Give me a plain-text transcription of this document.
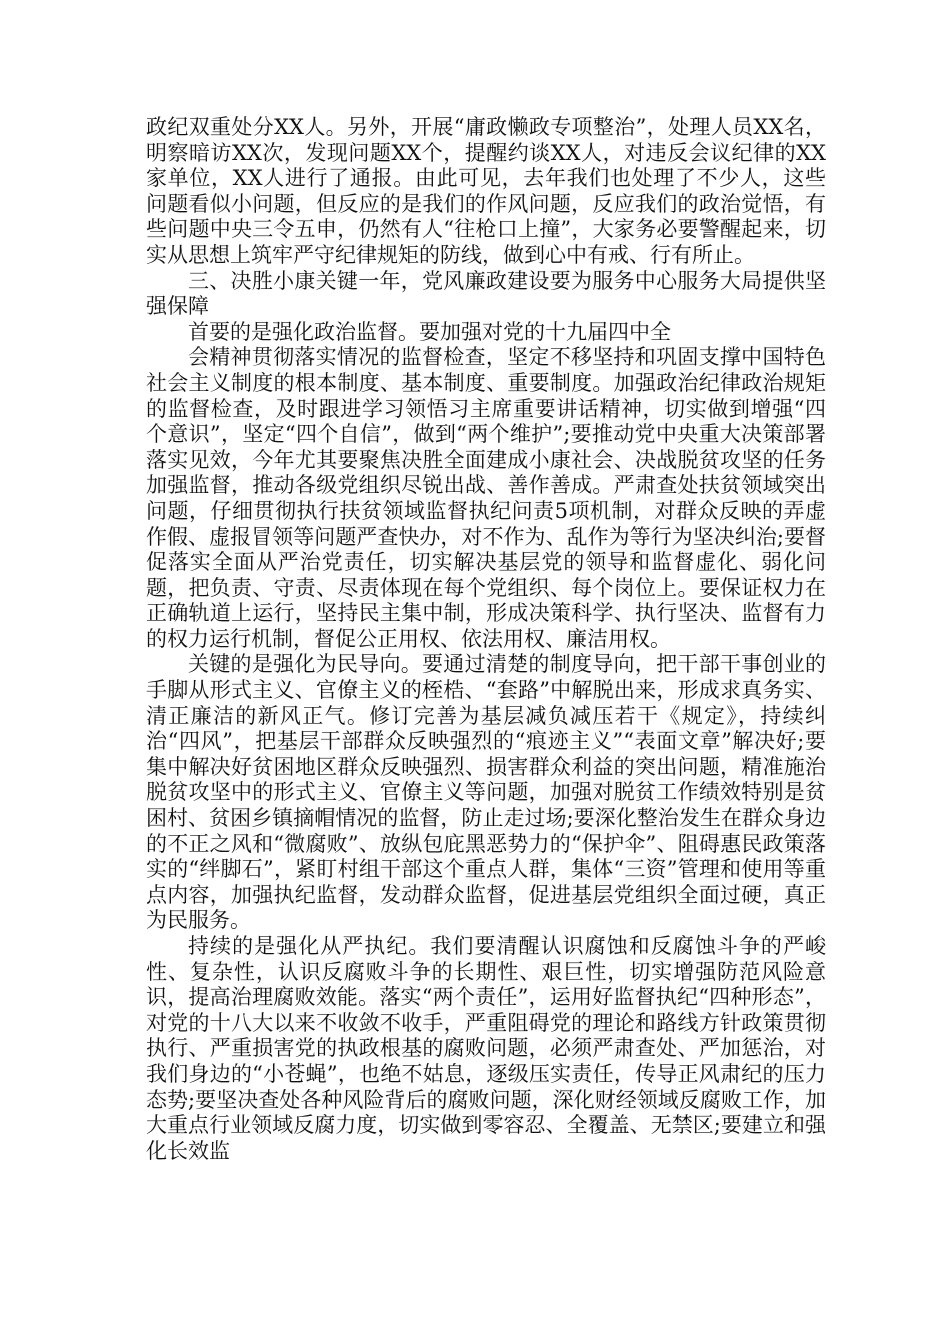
政纪双重处分XX人。另外，开展“庸政懒政专项整治”，处理人员XX名，明察暗访XX次，发现问题XX个，提醒约谈XX人，对违反会议纪律的XX家单位，XX人进行了通报。由此可见，去年我们也处理了不少人，这些问题看似小问题，但反应的是我们的作风问题，反应我们的政治觉悟，有些问题中央三令五申，仍然有人“往枪口上撞”，大家务必要警醒起来，切实从思想上筑牢严守纪律规矩的防线，做到心中有戒、行有所止。

三、决胜小康关键一年，党风廉政建设要为服务中心服务大局提供坚强保障

首要的是强化政治监督。要加强对党的十九届四中全

会精神贯彻落实情况的监督检查，坚定不移坚持和巩固支撑中国特色社会主义制度的根本制度、基本制度、重要制度。加强政治纪律政治规矩的监督检查，及时跟进学习领悟习主席重要讲话精神，切实做到增强“四个意识”，坚定“四个自信”，做到“两个维护”;要推动党中央重大决策部署落实见效，今年尤其要聚焦决胜全面建成小康社会、决战脱贫攻坚的任务加强监督，推动各级党组织尽锐出战、善作善成。严肃查处扶贫领域突出问题，仔细贯彻执行扶贫领域监督执纪问责5项机制，对群众反映的弄虚作假、虚报冒领等问题严查快办，对不作为、乱作为等行为坚决纠治;要督促落实全面从严治党责任，切实解决基层党的领导和监督虚化、弱化问题，把负责、守责、尽责体现在每个党组织、每个岗位上。要保证权力在正确轨道上运行，坚持民主集中制，形成决策科学、执行坚决、监督有力的权力运行机制，督促公正用权、依法用权、廉洁用权。

关键的是强化为民导向。要通过清楚的制度导向，把干部干事创业的手脚从形式主义、官僚主义的桎梏、“套路”中解脱出来，形成求真务实、清正廉洁的新风正气。修订完善为基层减负减压若干《规定》，持续纠治“四风”，把基层干部群众反映强烈的“痕迹主义”“表面文章”解决好;要集中解决好贫困地区群众反映强烈、损害群众利益的突出问题，精准施治脱贫攻坚中的形式主义、官僚主义等问题，加强对脱贫工作绩效特别是贫困村、贫困乡镇摘帽情况的监督，防止走过场;要深化整治发生在群众身边的不正之风和“微腐败”、放纵包庇黑恶势力的“保护伞”、阻碍惠民政策落实的“绊脚石”，紧盯村组干部这个重点人群，集体“三资”管理和使用等重点内容，加强执纪监督，发动群众监督，促进基层党组织全面过硬，真正为民服务。

持续的是强化从严执纪。我们要清醒认识腐蚀和反腐蚀斗争的严峻性、复杂性，认识反腐败斗争的长期性、艰巨性，切实增强防范风险意识，提高治理腐败效能。落实“两个责任”，运用好监督执纪“四种形态”，对党的十八大以来不收敛不收手，严重阻碍党的理论和路线方针政策贯彻执行、严重损害党的执政根基的腐败问题，必须严肃查处、严加惩治，对我们身边的“小苍蝇”，也绝不姑息，逐级压实责任，传导正风肃纪的压力态势;要坚决查处各种风险背后的腐败问题，深化财经领域反腐败工作，加大重点行业领域反腐力度，切实做到零容忍、全覆盖、无禁区;要建立和强化长效监
